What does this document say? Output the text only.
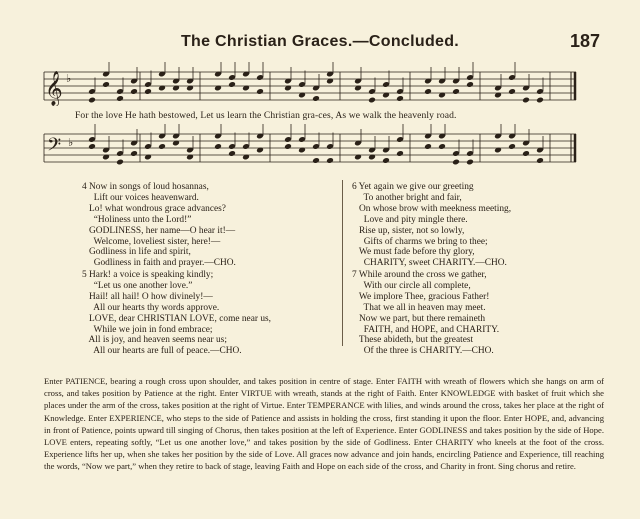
The Christian Graces.—Concluded.	187
𝄞 ♭
For the love He hath bestowed, Let us learn the Christian gra-ces, As we walk the heavenly road.
𝄢 ♭
4 Now in songs of loud hosannas,
Lift our voices heavenward.
Lo! what wondrous grace advances?
“Holiness unto the Lord!”
GODLINESS, her name—O hear it!—
Welcome, loveliest sister, here!—
Godliness in life and spirit,
Godliness in faith and prayer.—CHO.
5 Hark! a voice is speaking kindly;
“Let us one another love.”
Hail! all hail! O how divinely!—
All our hearts thy words approve.
LOVE, dear CHRISTIAN LOVE, come near us,
While we join in fond embrace;
All is joy, and heaven seems near us;
All our hearts are full of peace.—CHO.
6 Yet again we give our greeting
To another bright and fair,
On whose brow with meekness meeting,
Love and pity mingle there.
Rise up, sister, not so lowly,
Gifts of charms we bring to thee;
We must fade before thy glory,
CHARITY, sweet CHARITY.—CHO.
7 While around the cross we gather,
With our circle all complete,
We implore Thee, gracious Father!
That we all in heaven may meet.
Now we part, but there remaineth
FAITH, and HOPE, and CHARITY.
These abideth, but the greatest
Of the three is CHARITY.—CHO.
Enter PATIENCE, bearing a rough cross upon shoulder, and takes position in centre of stage. Enter FAITH with wreath of flowers which she hangs on arm of cross, and takes position by Patience at the right. Enter VIRTUE with wreath, stands at the right of Faith. Enter KNOWLEDGE with basket of fruit which she places under the arm of the cross, takes position at the right of Virtue. Enter TEMPERANCE with lilies, and winds around the cross, takes her place at the right of Knowledge. Enter EXPERIENCE, who steps to the side of Patience and assists in holding the cross, first standing it upon the floor. Enter HOPE, and, advancing in front of Patience, points upward till singing of Chorus, then takes position at the left of Experience. Enter GODLINESS and takes position by the side of Hope. LOVE enters, repeating softly, “Let us one another love,” and takes position by the side of Godliness. Enter CHARITY who kneels at the foot of the cross. Experience lifts her up, when she takes her position by the side of Love. All graces now advance and join hands, encircling Patience and Experience, till reaching the words, “Now we part,” when they retire to back of stage, leaving Faith and Hope on each side of the cross, and Charity in front. Sing chorus and retire.
